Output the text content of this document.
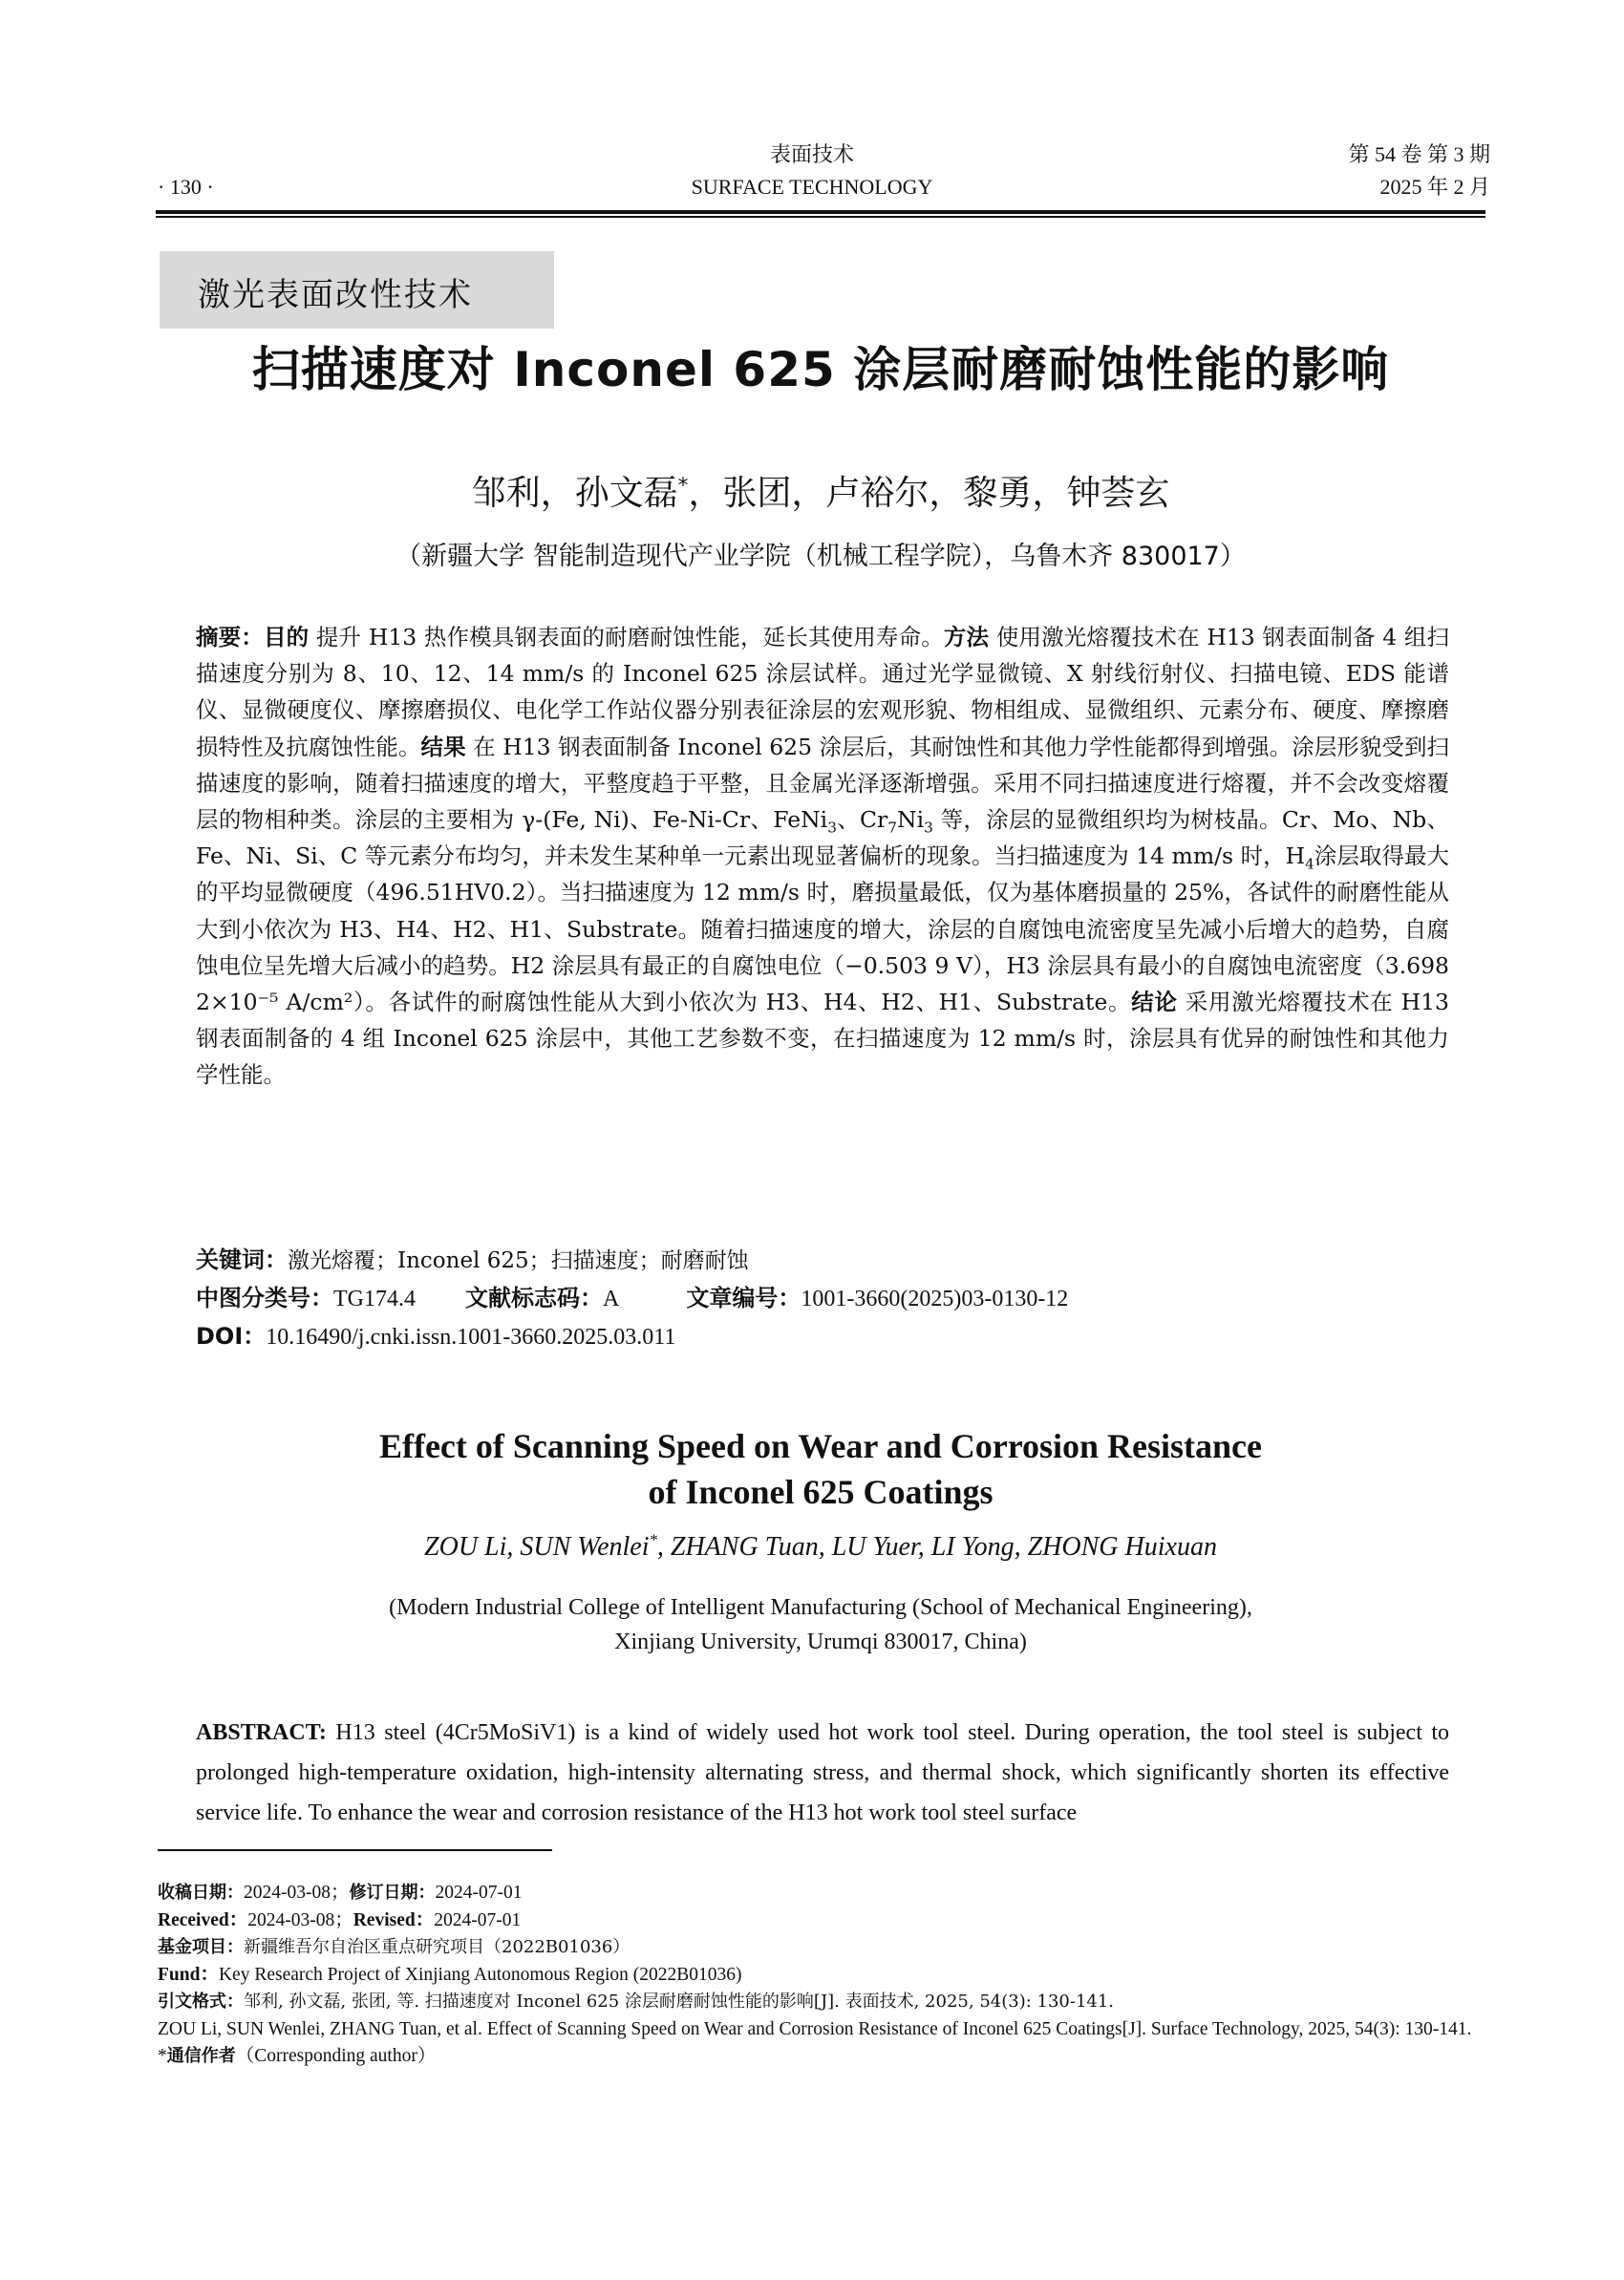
表面技术
SURFACE TECHNOLOGY
第 54 卷 第 3 期
2025 年 2 月
· 130 ·
激光表面改性技术
扫描速度对 Inconel 625 涂层耐磨耐蚀性能的影响
邹利，孙文磊*，张团，卢裕尔，黎勇，钟荟玄
（新疆大学 智能制造现代产业学院（机械工程学院），乌鲁木齐 830017）

摘要：目的 提升 H13 热作模具钢表面的耐磨耐蚀性能，延长其使用寿命。方法 使用激光熔覆技术在 H13 钢表面制备 4 组扫描速度分别为 8、10、12、14 mm/s 的 Inconel 625 涂层试样。通过光学显微镜、X 射线衍射仪、扫描电镜、EDS 能谱仪、显微硬度仪、摩擦磨损仪、电化学工作站仪器分别表征涂层的宏观形貌、物相组成、显微组织、元素分布、硬度、摩擦磨损特性及抗腐蚀性能。结果 在 H13 钢表面制备 Inconel 625 涂层后，其耐蚀性和其他力学性能都得到增强。涂层形貌受到扫描速度的影响，随着扫描速度的增大，平整度趋于平整，且金属光泽逐渐增强。采用不同扫描速度进行熔覆，并不会改变熔覆层的物相种类。涂层的主要相为 γ-(Fe, Ni)、Fe-Ni-Cr、FeNi$_3$、$Cr_7Ni_3$ 等，涂层的显微组织均为树枝晶。Cr、Mo、Nb、Fe、Ni、Si、C 等元素分布均匀，并未发生某种单一元素出现显著偏析的现象。当扫描速度为 14 mm/s 时，$H_4$涂层取得最大的平均显微硬度（496.51HV0.2）。当扫描速度为 12 mm/s 时，磨损量最低，仅为基体磨损量的 25%，各试件的耐磨性能从大到小依次为 H3、H4、H2、H1、Substrate。随着扫描速度的增大，涂层的自腐蚀电流密度呈先减小后增大的趋势，自腐蚀电位呈先增大后减小的趋势。H2 涂层具有最正的自腐蚀电位（−0.503 9 V），H3 涂层具有最小的自腐蚀电流密度（3.698 2×10⁻⁵ A/cm²）。各试件的耐腐蚀性能从大到小依次为 H3、H4、H2、H1、Substrate。结论 采用激光熔覆技术在 H13 钢表面制备的 4 组 Inconel 625 涂层中，其他工艺参数不变，在扫描速度为 12 mm/s 时，涂层具有优异的耐蚀性和其他力学性能。

关键词：激光熔覆；Inconel 625；扫描速度；耐磨耐蚀
中图分类号：TG174.4 文献标志码：A	文章编号：1001-3660(2025)03-0130-12
DOI：10.16490/j.cnki.issn.1001-3660.2025.03.011
Effect of Scanning Speed on Wear and Corrosion Resistance
of Inconel 625 Coatings
ZOU Li, SUN Wenlei*, ZHANG Tuan, LU Yuer, LI Yong, ZHONG Huixuan
(Modern Industrial College of Intelligent Manufacturing (School of Mechanical Engineering),
Xinjiang University, Urumqi 830017, China)

ABSTRACT: H13 steel (4Cr5MoSiV1) is a kind of widely used hot work tool steel. During operation, the tool steel is subject to prolonged high-temperature oxidation, high-intensity alternating stress, and thermal shock, which significantly shorten its effective service life. To enhance the wear and corrosion resistance of the H13 hot work tool steel surface

收稿日期：2024-03-08；修订日期：2024-07-01
Received：2024-03-08；Revised：2024-07-01
基金项目：新疆维吾尔自治区重点研究项目（2022B01036）
Fund：Key Research Project of Xinjiang Autonomous Region (2022B01036)
引文格式：邹利, 孙文磊, 张团, 等. 扫描速度对 Inconel 625 涂层耐磨耐蚀性能的影响[J]. 表面技术, 2025, 54(3): 130-141.
ZOU Li, SUN Wenlei, ZHANG Tuan, et al. Effect of Scanning Speed on Wear and Corrosion Resistance of Inconel 625 Coatings[J]. Surface Technology, 2025, 54(3): 130-141.
*通信作者（Corresponding author）
